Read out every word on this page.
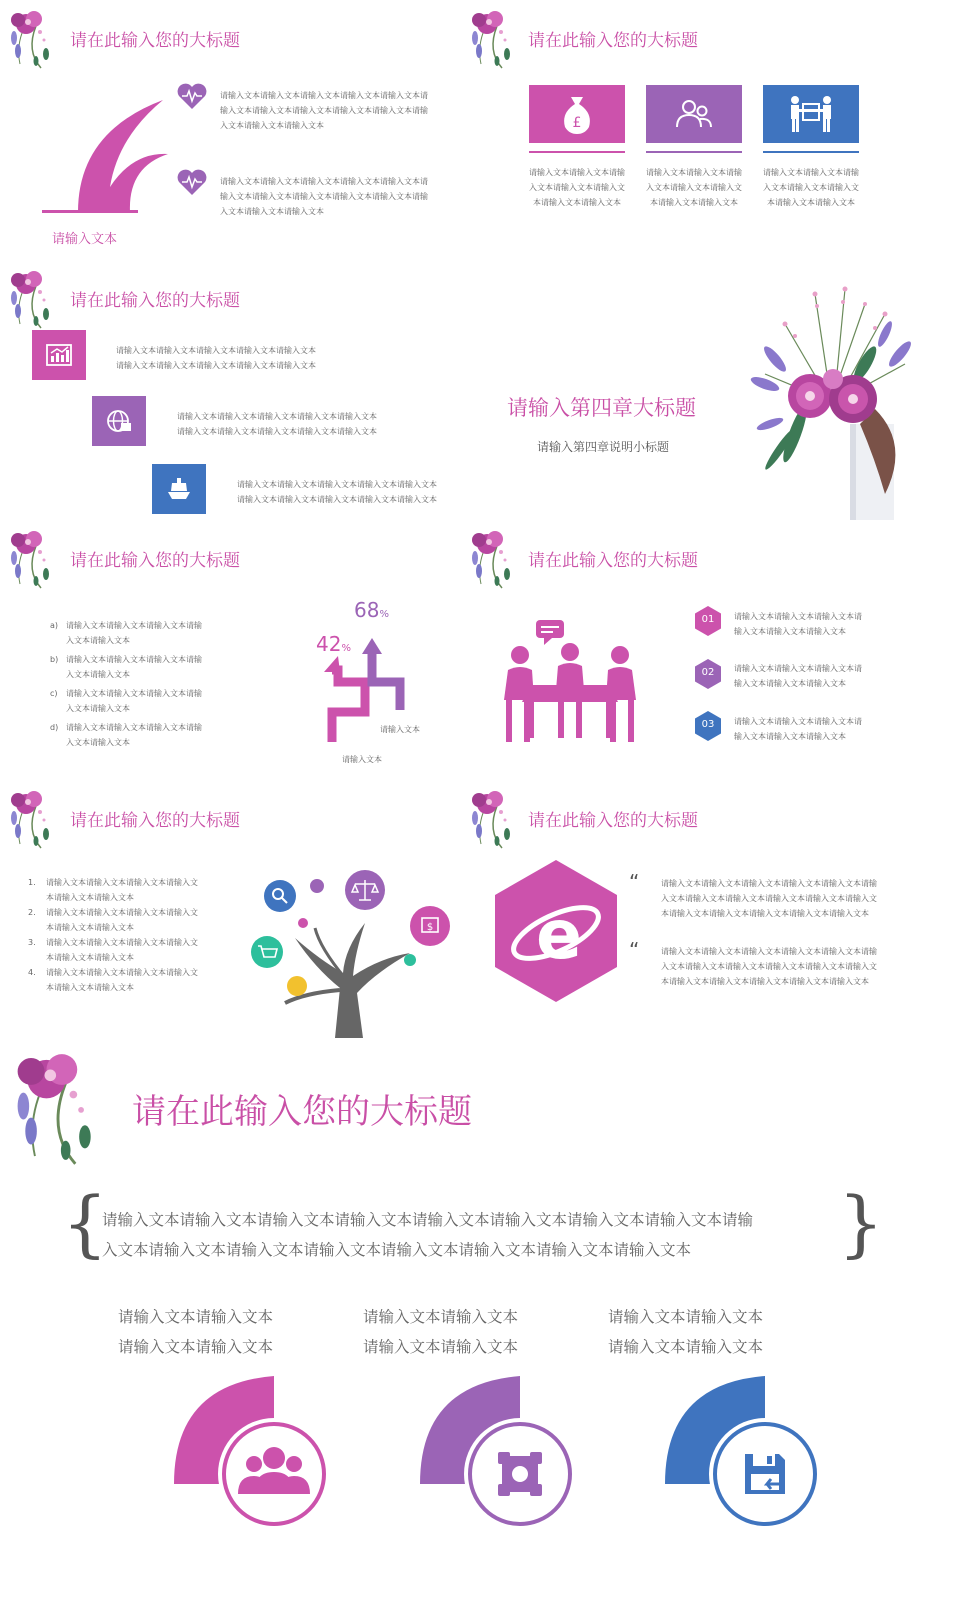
请在此输入您的大标题
请输入文本
请输入文本请输入文本请输入文本请输入文本请输入文本请输入文本请输入文本请输入文本请输入文本请输入文本请输入文本请输入文本请输入文本
请输入文本请输入文本请输入文本请输入文本请输入文本请输入文本请输入文本请输入文本请输入文本请输入文本请输入文本请输入文本请输入文本
请在此输入您的大标题
£
请输入文本请输入文本请输入文本请输入文本请输入文本请输入文本请输入文本
请输入文本请输入文本请输入文本请输入文本请输入文本请输入文本请输入文本
请输入文本请输入文本请输入文本请输入文本请输入文本请输入文本请输入文本
请在此输入您的大标题
请输入文本请输入文本请输入文本请输入文本请输入文本
请输入文本请输入文本请输入文本请输入文本请输入文本
请输入文本请输入文本请输入文本请输入文本请输入文本
请输入文本请输入文本请输入文本请输入文本请输入文本
请输入文本请输入文本请输入文本请输入文本请输入文本
请输入文本请输入文本请输入文本请输入文本请输入文本
请输入第四章大标题
请输入第四章说明小标题
请在此输入您的大标题
a) 请输入文本请输入文本请输入文本请输
入文本请输入文本
b) 请输入文本请输入文本请输入文本请输
入文本请输入文本
c) 请输入文本请输入文本请输入文本请输
入文本请输入文本
d) 请输入文本请输入文本请输入文本请输
入文本请输入文本
42%
68%
请输入文本
请输入文本
请在此输入您的大标题
01	请输入文本请输入文本请输入文本请
输入文本请输入文本请输入文本
02	请输入文本请输入文本请输入文本请
输入文本请输入文本请输入文本
03	请输入文本请输入文本请输入文本请
输入文本请输入文本请输入文本
请在此输入您的大标题
1. 请输入文本请输入文本请输入文本请输入文
本请输入文本请输入文本
2. 请输入文本请输入文本请输入文本请输入文
本请输入文本请输入文本
3. 请输入文本请输入文本请输入文本请输入文
本请输入文本请输入文本
4. 请输入文本请输入文本请输入文本请输入文
本请输入文本请输入文本
$
请在此输入您的大标题
e
“	请输入文本请输入文本请输入文本请输入文本请输入文本请输
入文本请输入文本请输入文本请输入文本请输入文本请输入文
本请输入文本请输入文本请输入文本请输入文本请输入文本
“	请输入文本请输入文本请输入文本请输入文本请输入文本请输
入文本请输入文本请输入文本请输入文本请输入文本请输入文
本请输入文本请输入文本请输入文本请输入文本请输入文本
请在此输入您的大标题
{	}
请输入文本请输入文本请输入文本请输入文本请输入文本请输入文本请输入文本请输入文本请输
入文本请输入文本请输入文本请输入文本请输入文本请输入文本请输入文本请输入文本
请输入文本请输入文本
请输入文本请输入文本
请输入文本请输入文本
请输入文本请输入文本
请输入文本请输入文本
请输入文本请输入文本
